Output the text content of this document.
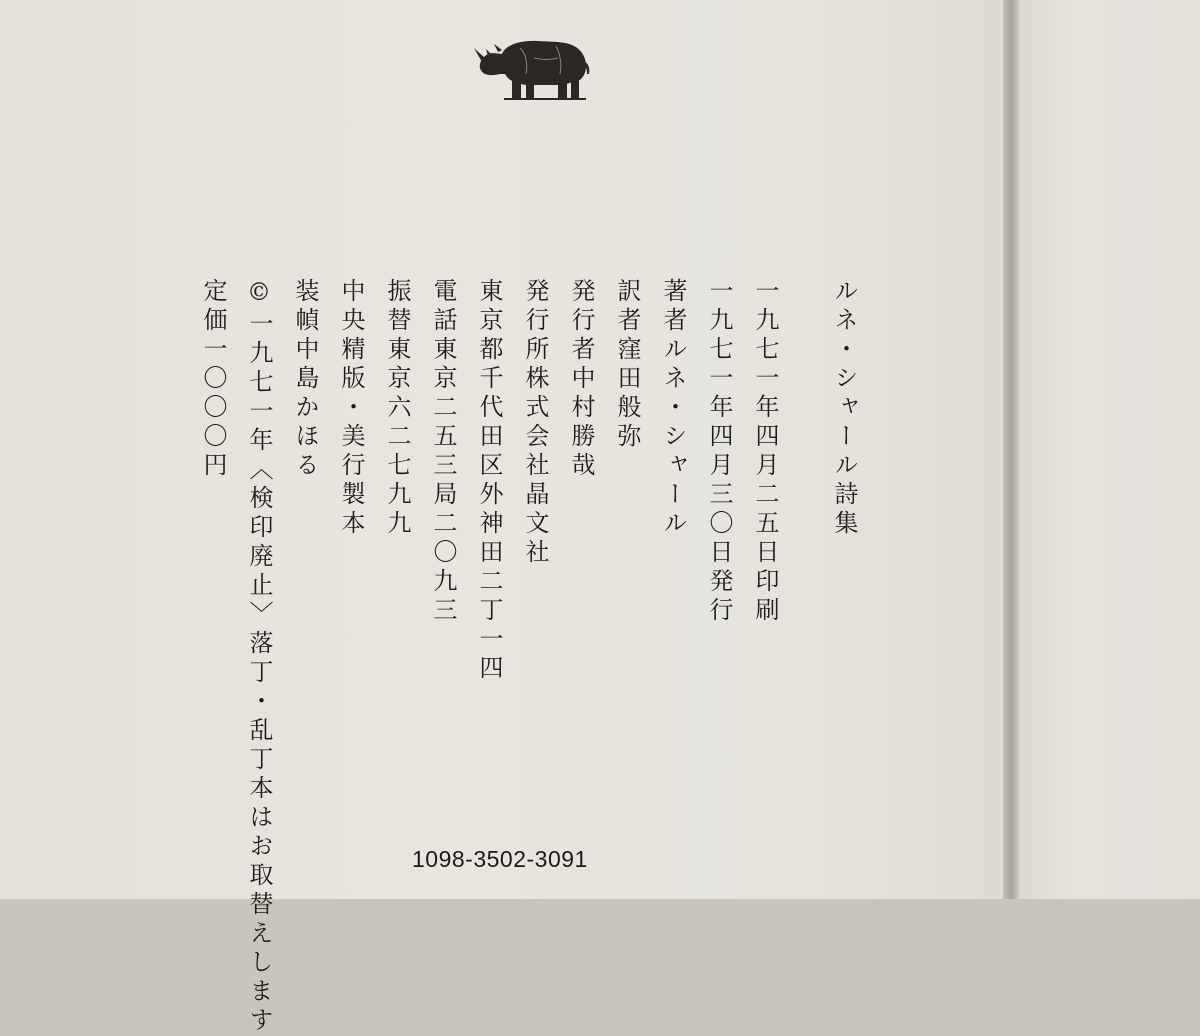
ルネ・シャール詩集
一九七一年四月二五日印刷
一九七一年四月三〇日発行
著者ルネ・シャール
訳者窪田般弥
発行者中村勝哉
発行所株式会社晶文社
東京都千代田区外神田二丁一四
電話東京二五三局二〇九三
振替東京六二七九九
中央精版・美行製本
装幀中島かほる
©一九七一年〈検印廃止〉落丁・乱丁本はお取替えします
定価一〇〇〇円
1098-3502-3091
